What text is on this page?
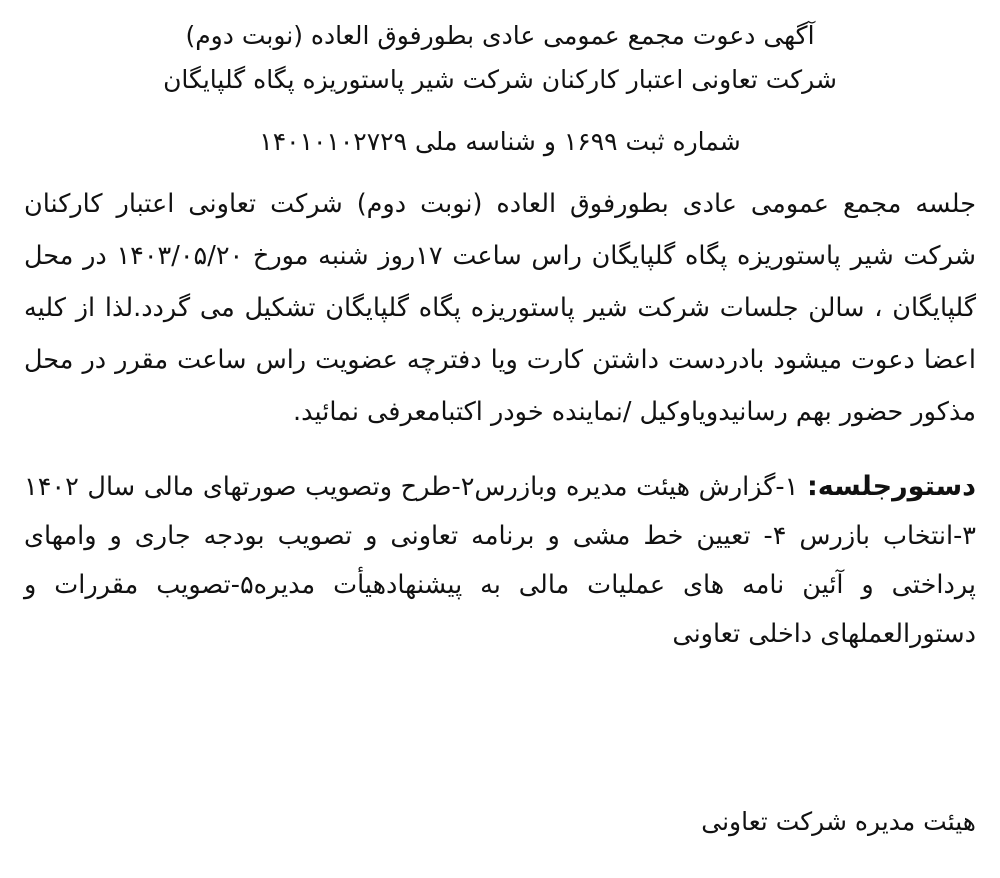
آگهی دعوت مجمع عمومی عادی بطورفوق العاده (نوبت دوم)
شرکت تعاونی اعتبار کارکنان شرکت شیر پاستوریزه پگاه گلپایگان
شماره ثبت ۱۶۹۹ و شناسه ملی ۱۴۰۱۰۱۰۲۷۲۹
جلسه مجمع عمومی عادی بطورفوق العاده (نوبت دوم) شرکت تعاونی اعتبار کارکنان شرکت شیر پاستوریزه پگاه گلپایگان راس ساعت ۱۷روز شنبه مورخ ۱۴۰۳/۰۵/۲۰ در محل گلپایگان ، سالن جلسات شرکت شیر پاستوریزه پگاه گلپایگان تشکیل می گردد.لذا از کلیه اعضا دعوت میشود بادردست داشتن کارت ویا دفترچه عضویت راس ساعت مقرر در محل مذکور حضور بهم رسانیدویاوکیل /نماینده خودر اکتبامعرفی نمائید.
دستورجلسه: ۱-گزارش هیئت مدیره وبازرس۲-طرح وتصویب صورتهای مالی سال ۱۴۰۲ ۳-انتخاب بازرس ۴- تعیین خط مشی و برنامه تعاونی و تصویب بودجه جاری و وامهای پرداختی و آئین نامه های عملیات مالی به پیشنهادهیأت مدیره۵-تصویب مقررات و دستورالعملهای داخلی تعاونی
هیئت مدیره شرکت تعاونی
